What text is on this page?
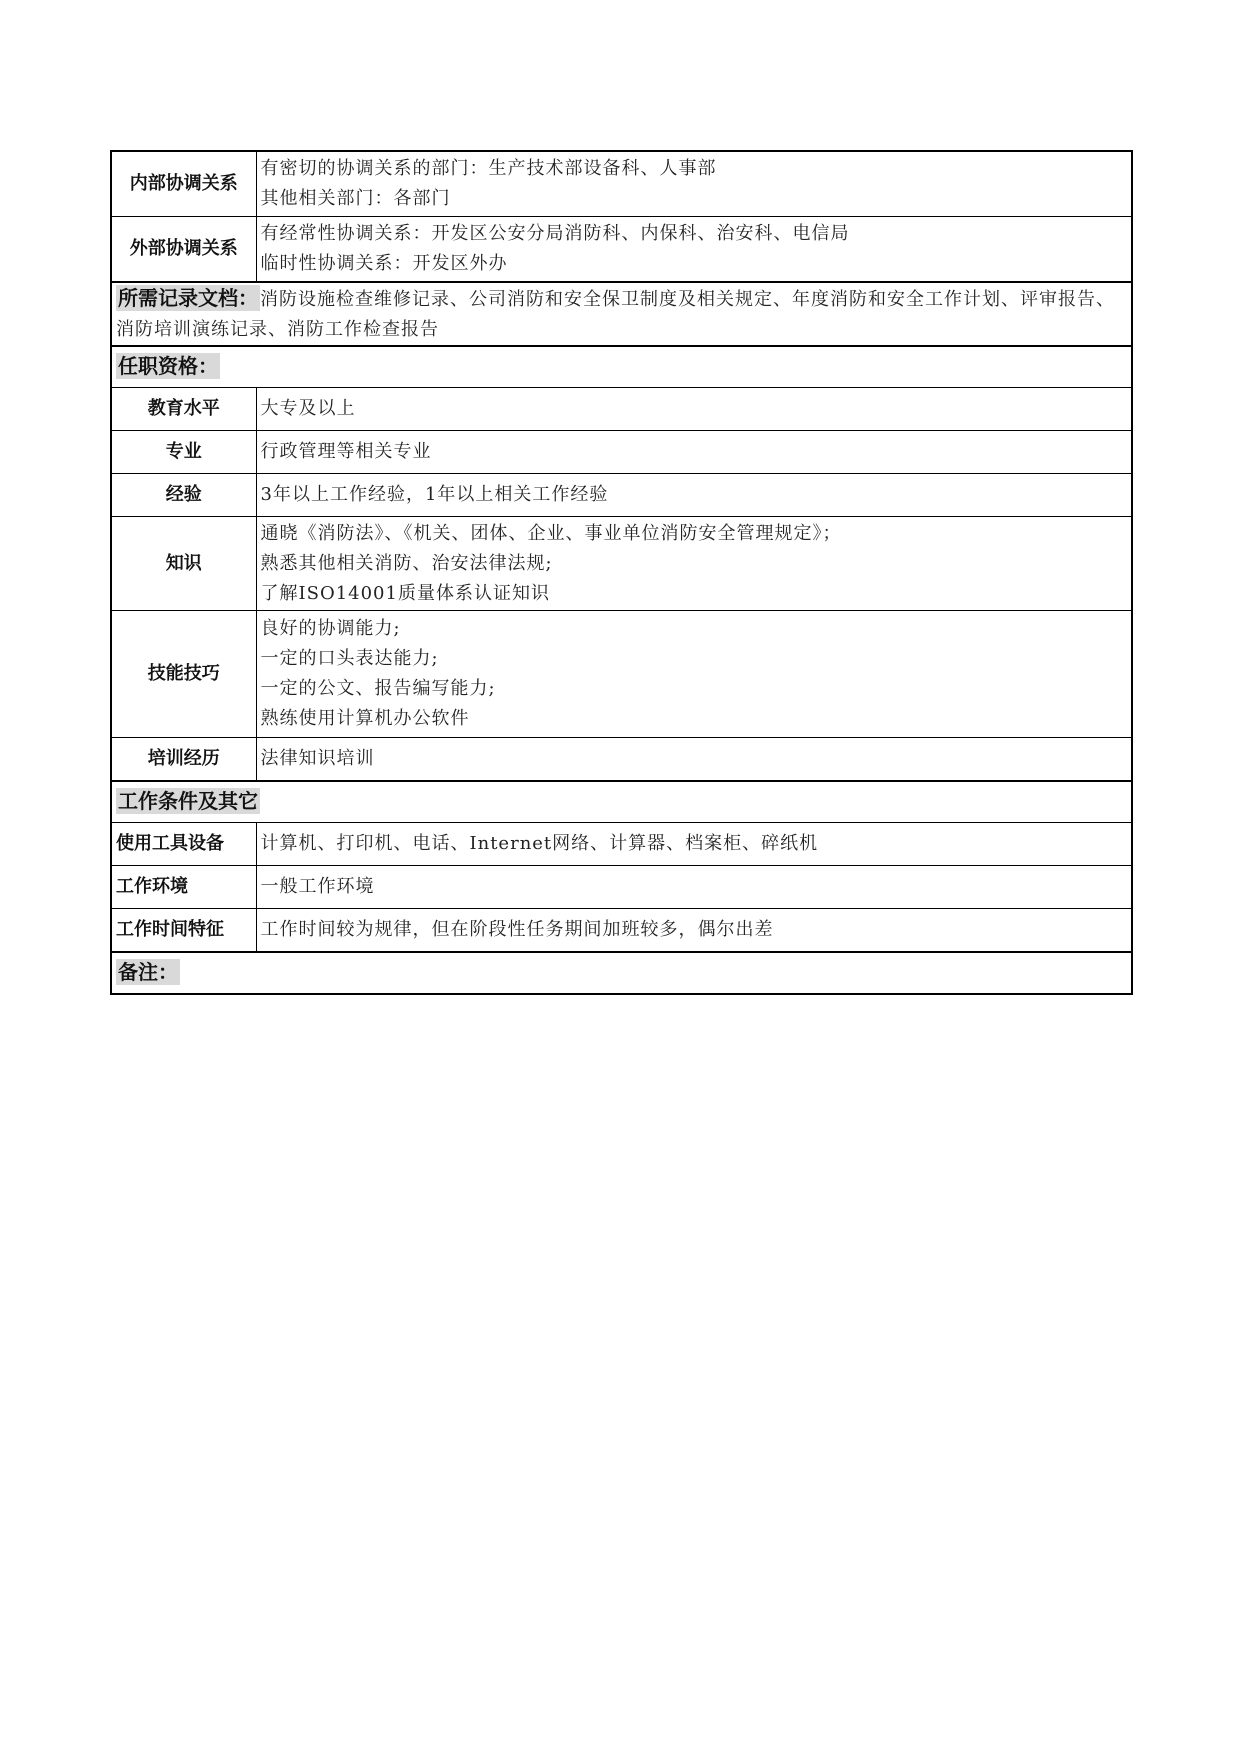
内部协调关系	有密切的协调关系的部门：生产技术部设备科、人事部
其他相关部门：各部门

外部协调关系	有经常性协调关系：开发区公安分局消防科、内保科、治安科、电信局
临时性协调关系：开发区外办

所需记录文档： 消防设施检查维修记录、公司消防和安全保卫制度及相关规定、年度消防和安全工作计划、评审报告、消防培训演练记录、消防工作检查报告	
任职资格：	
教育水平	大专及以上
专业	行政管理等相关专业
经验	3年以上工作经验，1年以上相关工作经验
知识	通晓《消防法》、《机关、团体、企业、事业单位消防安全管理规定》；
熟悉其他相关消防、治安法律法规;
了解ISO14001质量体系认证知识

技能技巧	良好的协调能力;
一定的口头表达能力;
一定的公文、报告编写能力;
熟练使用计算机办公软件

培训经历	法律知识培训
工作条件及其它	
使用工具设备	计算机、打印机、电话、Internet网络、计算器、档案柜、碎纸机
工作环境	一般工作环境
工作时间特征	工作时间较为规律，但在阶段性任务期间加班较多，偶尔出差
备注：	
